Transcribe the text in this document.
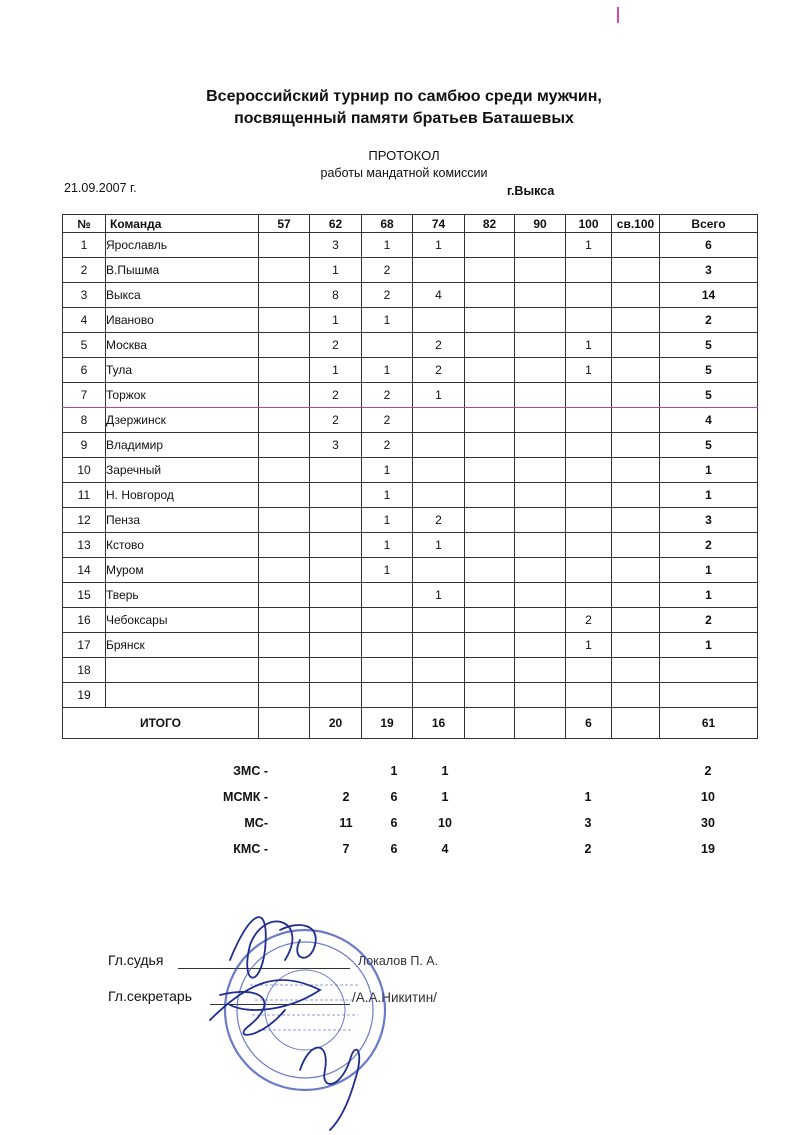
Всероссийский турнир по самбюо среди мужчин,
посвященный памяти братьев Баташевых
ПРОТОКОЛ
работы мандатной комиссии
21.09.2007 г.	г.Выкса
№	Команда	57	62	68	74	82	90	100	св.100	Всего
1	Ярославль		3	1	1			1		6
2	В.Пышма		1	2						3
3	Выкса		8	2	4					14
4	Иваново		1	1						2
5	Москва		2		2			1		5
6	Тула		1	1	2			1		5
7	Торжок		2	2	1					5
8	Дзержинск		2	2						4
9	Владимир		3	2						5
10	Заречный			1						1
11	Н. Новгород			1						1
12	Пенза			1	2					3
13	Кстово			1	1					2
14	Муром			1						1
15	Тверь				1					1
16	Чебоксары							2		2
17	Брянск							1		1
18										
19										
ИТОГО			20	19	16			6		61
ЗМС -	1	1	2
МСМК -	2	6	1	1	10
МС-	11	6	10	3	30
КМС -	7	6	4	2	19
Гл.судья	Локалов П. А.
Гл.секретарь	/А.А.Никитин/
